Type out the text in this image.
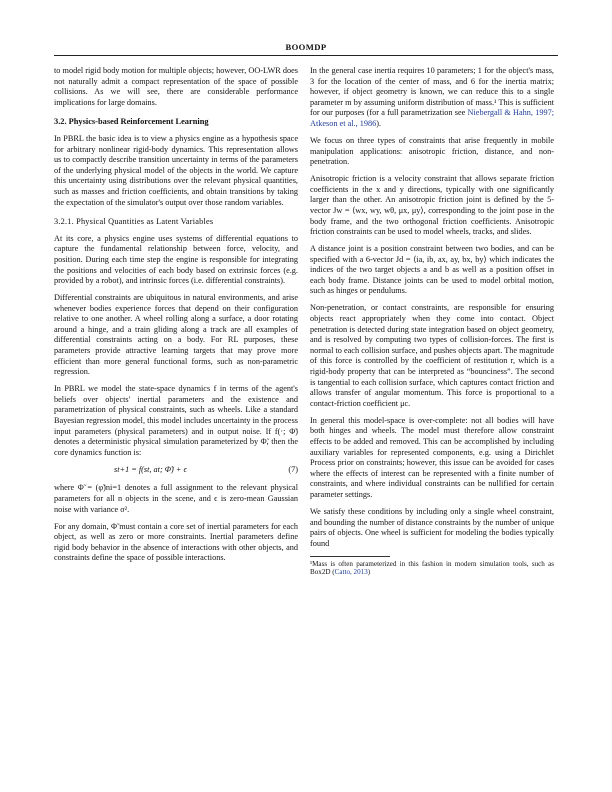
BOOMDP

to model rigid body motion for multiple objects; however, OO-LWR does not naturally admit a compact representation of the space of possible collisions. As we will see, there are considerable performance implications for large domains.

3.2. Physics-based Reinforcement Learning

In PBRL the basic idea is to view a physics engine as a hypothesis space for arbitrary nonlinear rigid-body dynamics. This representation allows us to compactly describe transition uncertainty in terms of the parameters of the underlying physical model of the objects in the world. We capture this uncertainty using distributions over the relevant physical quantities, such as masses and friction coefficients, and obtain transitions by taking the expectation of the simulator's output over those random variables.

3.2.1. Physical Quantities as Latent Variables

At its core, a physics engine uses systems of differential equations to capture the fundamental relationship between force, velocity, and position. During each time step the engine is responsible for integrating the positions and velocities of each body based on extrinsic forces (e.g. provided by a robot), and intrinsic forces (i.e. differential constraints).

Differential constraints are ubiquitous in natural environments, and arise whenever bodies experience forces that depend on their configuration relative to one another. A wheel rolling along a surface, a door rotating around a hinge, and a train gliding along a track are all examples of differential constraints acting on a body. For RL purposes, these parameters provide attractive learning targets that may prove more efficient than more general functional forms, such as non-parametric regression.

In PBRL we model the state-space dynamics f in terms of the agent's beliefs over objects' inertial parameters and the existence and parametrization of physical constraints, such as wheels. Like a standard Bayesian regression model, this model includes uncertainty in the process input parameters (physical parameters) and in output noise. If f(·; Φ̃) denotes a deterministic physical simulation parameterized by Φ̃, then the core dynamics function is:

st+1 = f(st, at; Φ̃) + ϵ	(7)

where Φ̃ = (φ̃)ni=1 denotes a full assignment to the relevant physical parameters for all n objects in the scene, and ϵ is zero-mean Gaussian noise with variance σ².

For any domain, Φ̃ must contain a core set of inertial parameters for each object, as well as zero or more constraints. Inertial parameters define rigid body behavior in the absence of interactions with other objects, and constraints define the space of possible interactions.

In the general case inertia requires 10 parameters; 1 for the object's mass, 3 for the location of the center of mass, and 6 for the inertia matrix; however, if object geometry is known, we can reduce this to a single parameter m by assuming uniform distribution of mass.¹ This is sufficient for our purposes (for a full parametrization see Niebergall & Hahn, 1997; Atkeson et al., 1986).

We focus on three types of constraints that arise frequently in mobile manipulation applications: anisotropic friction, distance, and non-penetration.

Anisotropic friction is a velocity constraint that allows separate friction coefficients in the x and y directions, typically with one significantly larger than the other. An anisotropic friction joint is defined by the 5-vector Jw = ⟨wx, wy, wθ, μx, μy⟩, corresponding to the joint pose in the body frame, and the two orthogonal friction coefficients. Anisotropic friction constraints can be used to model wheels, tracks, and slides.

A distance joint is a position constraint between two bodies, and can be specified with a 6-vector Jd = ⟨ia, ib, ax, ay, bx, by⟩ which indicates the indices of the two target objects a and b as well as a position offset in each body frame. Distance joints can be used to model orbital motion, such as hinges or pendulums.

Non-penetration, or contact constraints, are responsible for ensuring objects react appropriately when they come into contact. Object penetration is detected during state integration based on object geometry, and is resolved by computing two types of collision-forces. The first is normal to each collision surface, and pushes objects apart. The magnitude of this force is controlled by the coefficient of restitution r, which is a rigid-body property that can be interpreted as “bounciness”. The second is tangential to each collision surface, which captures contact friction and allows transfer of angular momentum. This force is proportional to a contact-friction coefficient μc.

In general this model-space is over-complete: not all bodies will have both hinges and wheels. The model must therefore allow constraint effects to be added and removed. This can be accomplished by including auxiliary variables for represented components, e.g. using a Dirichlet Process prior on constraints; however, this issue can be avoided for cases where the effects of interest can be represented with a finite number of constraints, and where individual constraints can be nullified for certain parameter settings.

We satisfy these conditions by including only a single wheel constraint, and bounding the number of distance constraints by the number of unique pairs of objects. One wheel is sufficient for modeling the bodies typically found

¹Mass is often parameterized in this fashion in modern simulation tools, such as Box2D (Catto, 2013)
